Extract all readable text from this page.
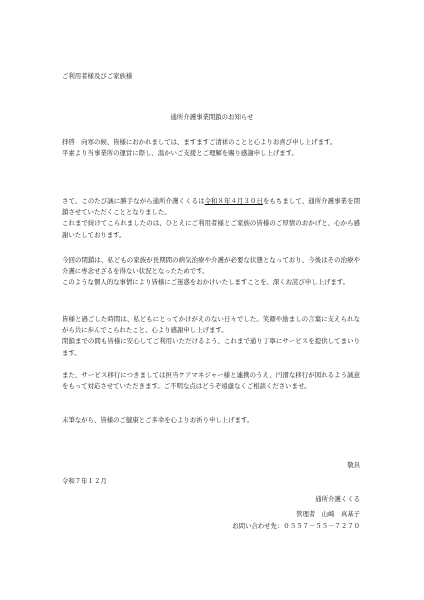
ご利用者様及びご家族様
通所介護事業閉鎖のお知らせ
拝啓　向寒の候、皆様におかれましては、ますますご清祥のことと心よりお喜び申し上げます。
平素より当事業所の運営に際し、温かいご支援とご理解を賜り感謝申し上げます。
さて、このたび誠に勝手ながら通所介護くくるは令和８年４月３０日をもちまして、通所介護事業を閉鎖させていただくこととなりました。
これまで続けてこられましたのは、ひとえにご利用者様とご家族の皆様のご厚情のおかげと、心から感謝いたしております。
今回の閉鎖は、私どもの家族が長期間の病気治療や介護が必要な状態となっており、今後はその治療や介護に専念せざるを得ない状況となったためです。
このような個人的な事情により皆様にご迷惑をおかけいたしますことを、深くお詫び申し上げます。
皆様と過ごした時間は、私どもにとってかけがえのない日々でした。笑顔や励ましの言葉に支えられながら共に歩んでこられたこと、心より感謝申し上げます。
閉鎖までの間も皆様に安心してご利用いただけるよう、これまで通り丁寧にサービスを提供してまいります。
また、サービス移行につきましては担当ケアマネジャー様と連携のうえ、円滑な移行が図れるよう誠意をもって対応させていただきます。ご不明な点はどうぞ遠慮なくご相談くださいませ。
末筆ながら、皆様のご健康とご多幸を心よりお祈り申し上げます。
敬具
令和７年１２月
通所介護くくる
管理者　山崎　真基子
お問い合わせ先：０５５７－５５－７２７０
